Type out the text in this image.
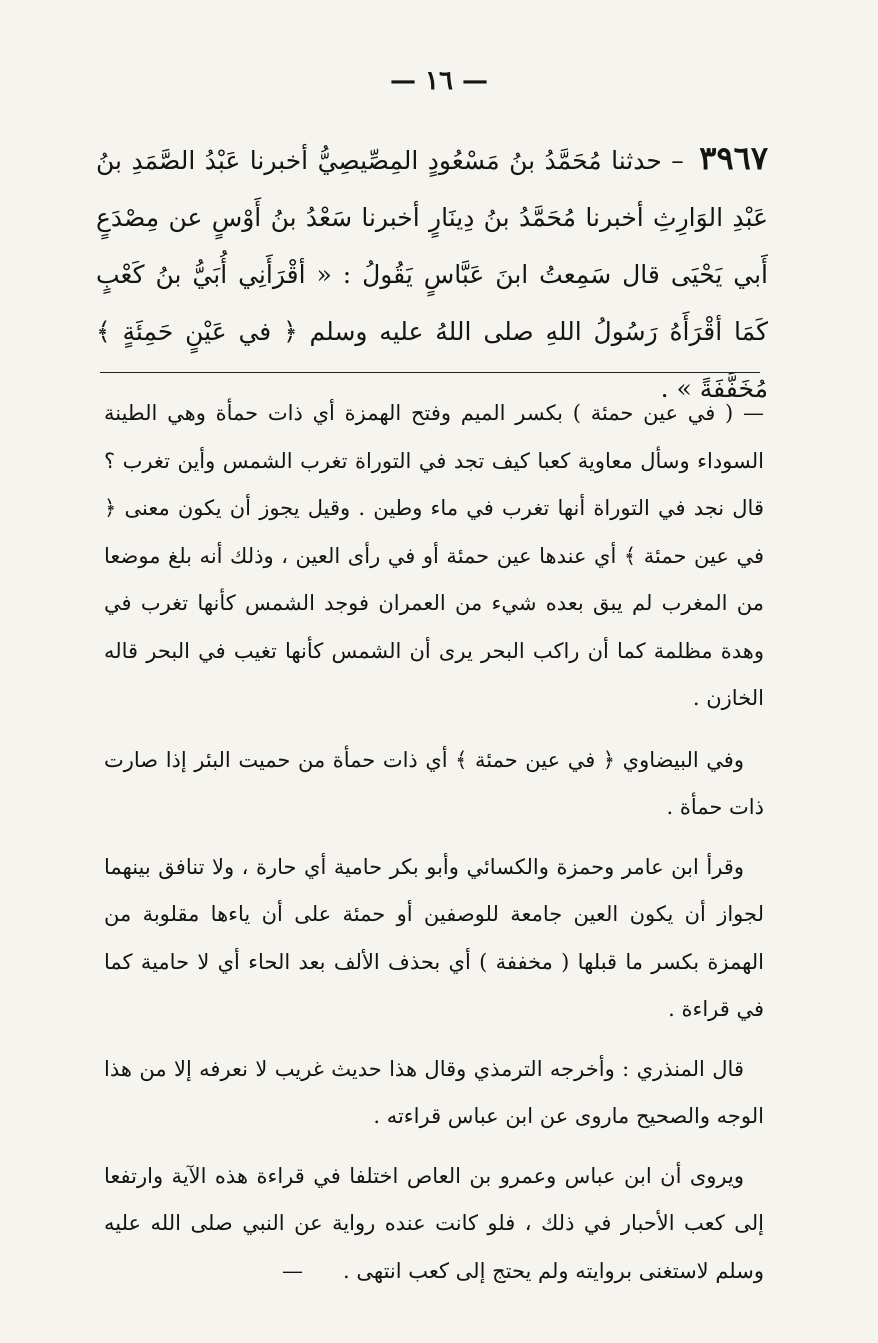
— ١٦ —
٣٩٦٧ – حدثنا مُحَمَّدُ بنُ مَسْعُودٍ المِصِّيصِيُّ أخبرنا عَبْدُ الصَّمَدِ بنُ عَبْدِ الوَارِثِ أخبرنا مُحَمَّدُ بنُ دِينَارٍ أخبرنا سَعْدُ بنُ أَوْسٍ عن مِصْدَعٍ أَبي يَحْيَى قال سَمِعتُ ابنَ عَبَّاسٍ يَقُولُ : « أقْرَأَنِي أُبَيُّ بنُ كَعْبٍ كَمَا أقْرَأَهُ رَسُولُ اللهِ صلى اللهُ عليه وسلم ﴿ في عَيْنٍ حَمِئَةٍ ﴾ مُخَفَّفَةً » .

— ( في عين حمئة ) بكسر الميم وفتح الهمزة أي ذات حمأة وهي الطينة السوداء وسأل معاوية كعبا كيف تجد في التوراة تغرب الشمس وأين تغرب ؟ قال نجد في التوراة أنها تغرب في ماء وطين . وقيل يجوز أن يكون معنى ﴿ في عين حمئة ﴾ أي عندها عين حمئة أو في رأى العين ، وذلك أنه بلغ موضعا من المغرب لم يبق بعده شيء من العمران فوجد الشمس كأنها تغرب في وهدة مظلمة كما أن راكب البحر يرى أن الشمس كأنها تغيب في البحر قاله الخازن .

وفي البيضاوي ﴿ في عين حمئة ﴾ أي ذات حمأة من حميت البئر إذا صارت ذات حمأة .

وقرأ ابن عامر وحمزة والكسائي وأبو بكر حامية أي حارة ، ولا تنافق بينهما لجواز أن يكون العين جامعة للوصفين أو حمئة على أن ياءها مقلوبة من الهمزة بكسر ما قبلها ( مخففة ) أي بحذف الألف بعد الحاء أي لا حامية كما في قراءة .

قال المنذري : وأخرجه الترمذي وقال هذا حديث غريب لا نعرفه إلا من هذا الوجه والصحيح ماروى عن ابن عباس قراءته .

ويروى أن ابن عباس وعمرو بن العاص اختلفا في قراءة هذه الآية وارتفعا إلى كعب الأحبار في ذلك ، فلو كانت عنده رواية عن النبي صلى الله عليه وسلم لاستغنى بروايته ولم يحتج إلى كعب انتهى .—
